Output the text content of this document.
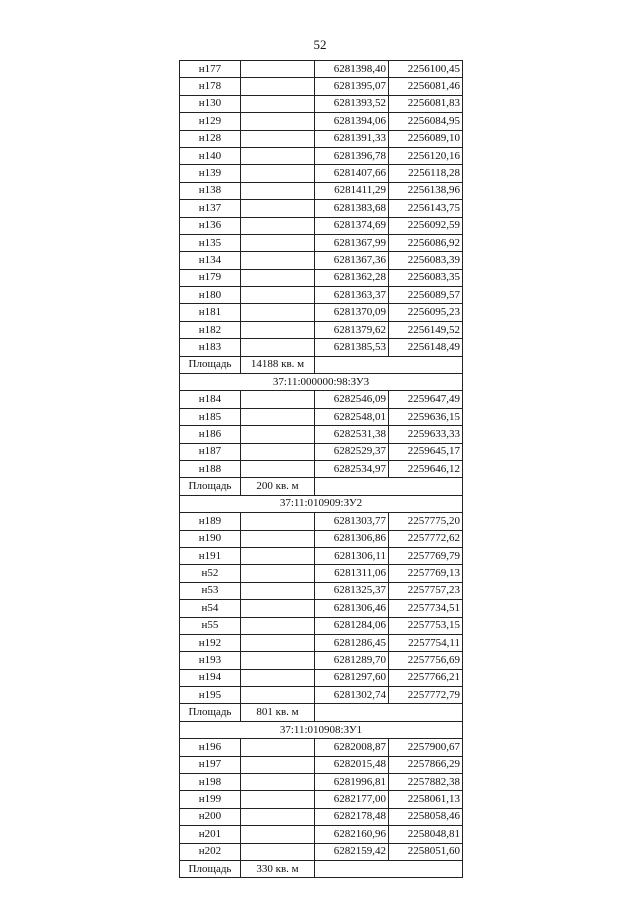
52
н177		6281398,40	2256100,45
н178		6281395,07	2256081,46
н130		6281393,52	2256081,83
н129		6281394,06	2256084,95
н128		6281391,33	2256089,10
н140		6281396,78	2256120,16
н139		6281407,66	2256118,28
н138		6281411,29	2256138,96
н137		6281383,68	2256143,75
н136		6281374,69	2256092,59
н135		6281367,99	2256086,92
н134		6281367,36	2256083,39
н179		6281362,28	2256083,35
н180		6281363,37	2256089,57
н181		6281370,09	2256095,23
н182		6281379,62	2256149,52
н183		6281385,53	2256148,49
Площадь	14188 кв. м		
37:11:000000:98:ЗУ3			
н184		6282546,09	2259647,49
н185		6282548,01	2259636,15
н186		6282531,38	2259633,33
н187		6282529,37	2259645,17
н188		6282534,97	2259646,12
Площадь	200 кв. м		
37:11:010909:ЗУ2			
н189		6281303,77	2257775,20
н190		6281306,86	2257772,62
н191		6281306,11	2257769,79
н52		6281311,06	2257769,13
н53		6281325,37	2257757,23
н54		6281306,46	2257734,51
н55		6281284,06	2257753,15
н192		6281286,45	2257754,11
н193		6281289,70	2257756,69
н194		6281297,60	2257766,21
н195		6281302,74	2257772,79
Площадь	801 кв. м		
37:11:010908:ЗУ1			
н196		6282008,87	2257900,67
н197		6282015,48	2257866,29
н198		6281996,81	2257882,38
н199		6282177,00	2258061,13
н200		6282178,48	2258058,46
н201		6282160,96	2258048,81
н202		6282159,42	2258051,60
Площадь	330 кв. м		
